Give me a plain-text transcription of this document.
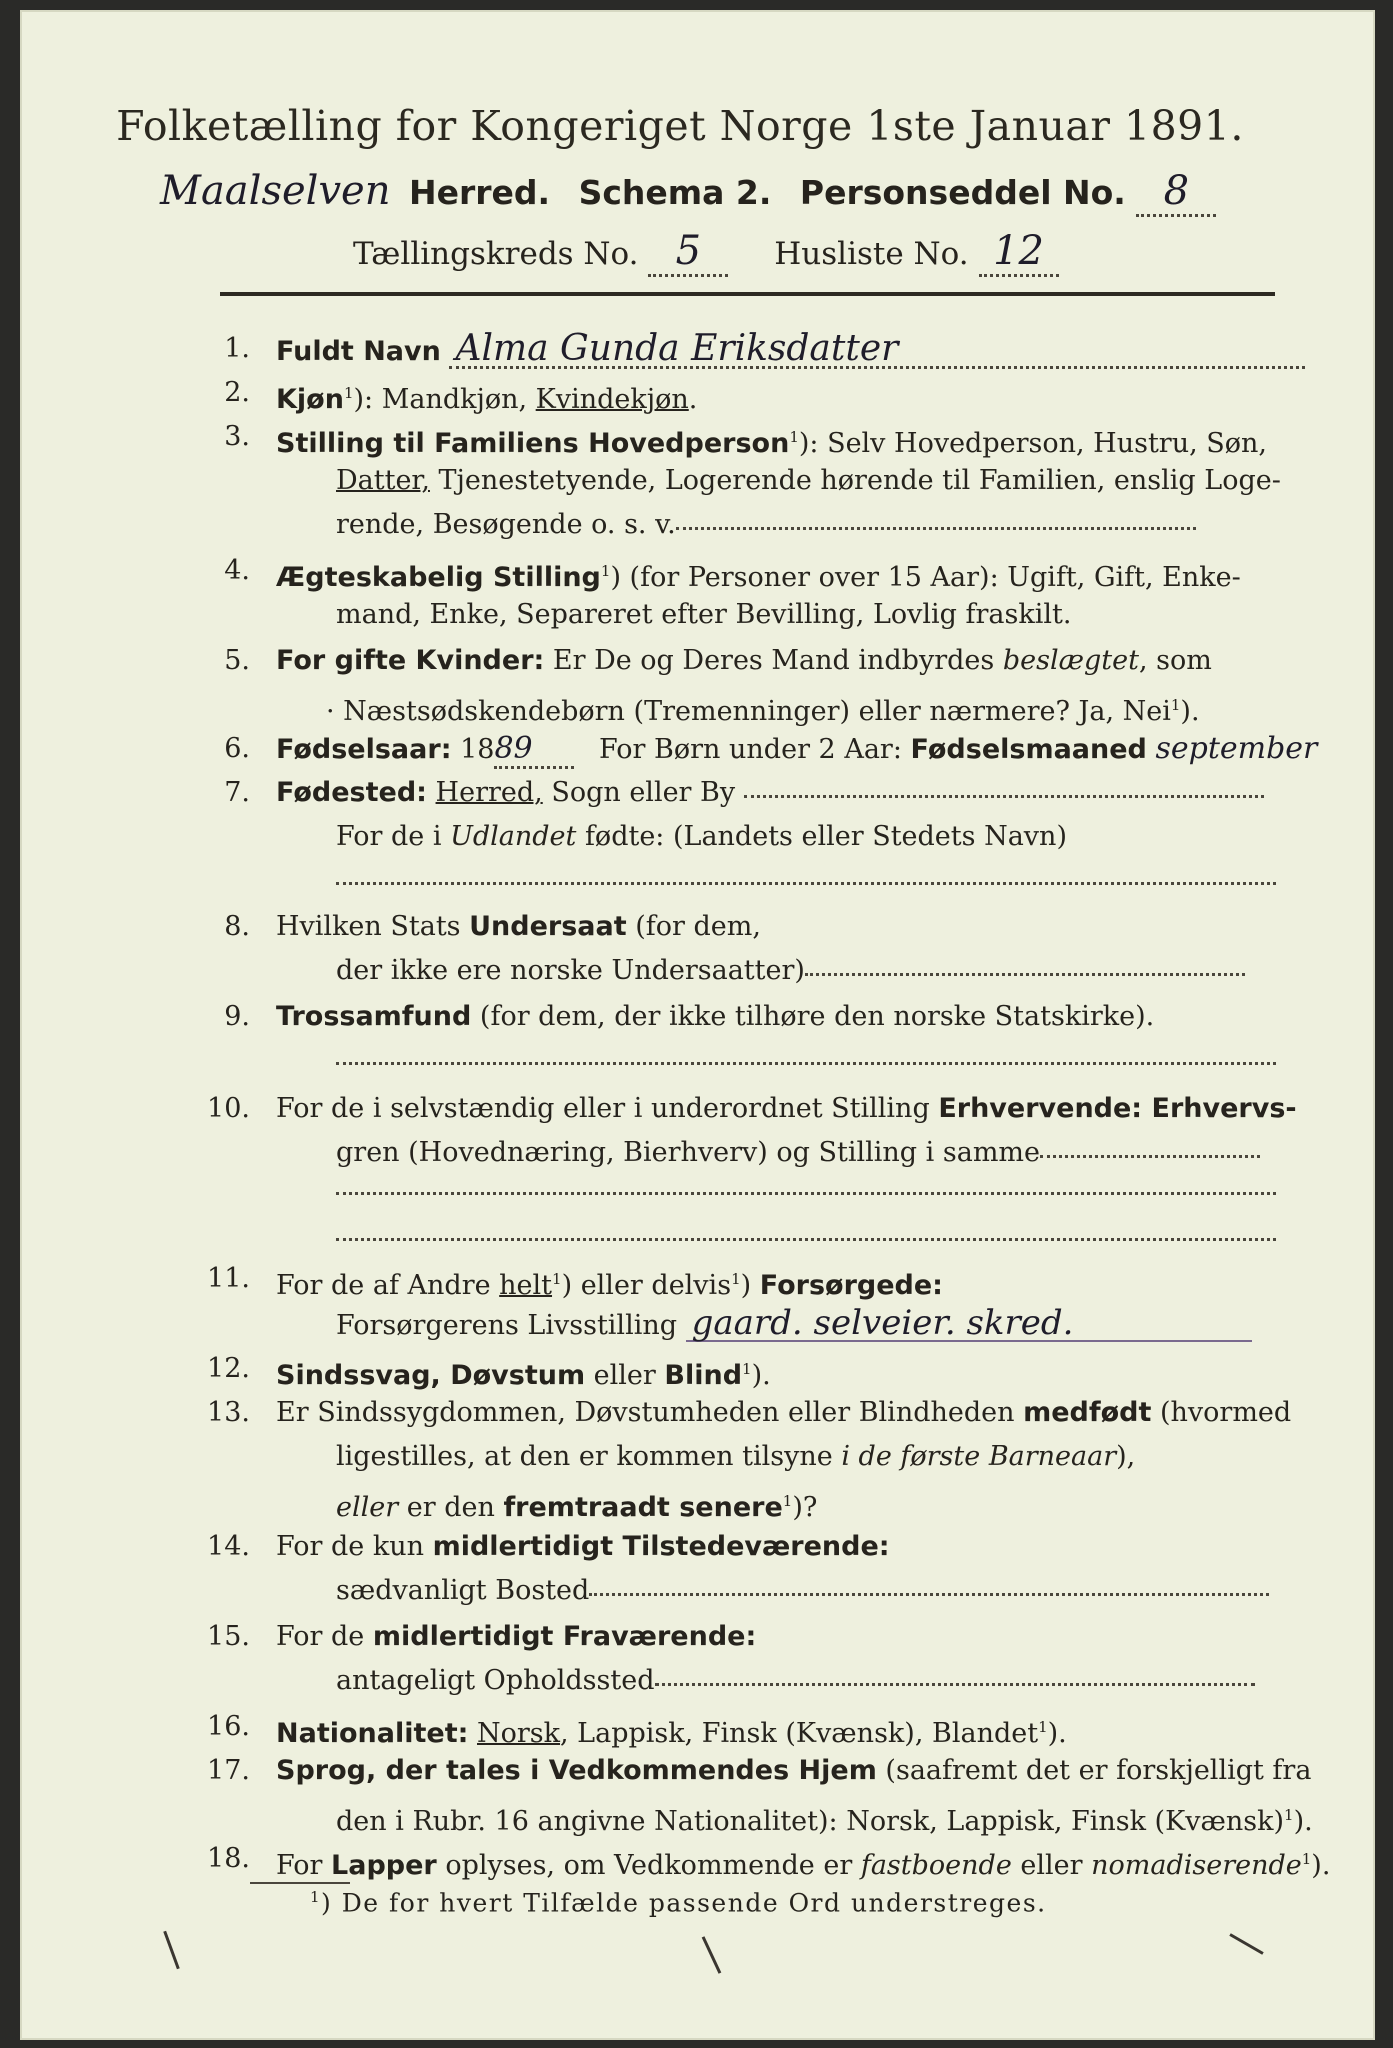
Folketælling for Kongeriget Norge 1ste Januar 1891.
Maalselven Herred. Schema 2. Personseddel No. 8
Tællingskreds No. 5 Husliste No. 12
1. Fuldt Navn Alma Gunda Eriksdatter
2. Kjøn$^1$): Mandkjøn, Kvindekjøn.
3. Stilling til Familiens Hovedperson$^1$): Selv Hovedperson, Hustru, Søn,
Datter, Tjenestetyende, Logerende hørende til Familien, enslig Loge-
rende, Besøgende o. s. v.
4. Ægteskabelig Stilling$^1$) (for Personer over 15 Aar): Ugift, Gift, Enke-
mand, Enke, Separeret efter Bevilling, Lovlig fraskilt.
5. For gifte Kvinder: Er De og Deres Mand indbyrdes beslægtet, som
· Næstsødskendebørn (Tremenninger) eller nærmere? Ja, Nei$^1$).
6. Fødselsaar: 1889 For Børn under 2 Aar: Fødselsmaaned september
7. Fødested: Herred, Sogn eller By
For de i Udlandet fødte: (Landets eller Stedets Navn)
8. Hvilken Stats Undersaat (for dem,
der ikke ere norske Undersaatter)
9. Trossamfund (for dem, der ikke tilhøre den norske Statskirke).
10. For de i selvstændig eller i underordnet Stilling Erhvervende: Erhvervs-
gren (Hovednæring, Bierhverv) og Stilling i samme
11. For de af Andre helt$^1$) eller delvis$^1$) Forsørgede:
Forsørgerens Livsstilling gaard. selveier. skred.
12. Sindssvag, Døvstum eller Blind$^1$).
13. Er Sindssygdommen, Døvstumheden eller Blindheden medfødt (hvormed
ligestilles, at den er kommen tilsyne i de første Barneaar),
eller er den fremtraadt senere$^1$)?
14. For de kun midlertidigt Tilstedeværende:
sædvanligt Bosted
15. For de midlertidigt Fraværende:
antageligt Opholdssted
16. Nationalitet: Norsk, Lappisk, Finsk (Kvænsk), Blandet$^1$).
17. Sprog, der tales i Vedkommendes Hjem (saafremt det er forskjelligt fra
den i Rubr. 16 angivne Nationalitet): Norsk, Lappisk, Finsk (Kvænsk)$^1$).
18. For Lapper oplyses, om Vedkommende er fastboende eller nomadiserende$^1$).
$^1$) De for hvert Tilfælde passende Ord understreges.
